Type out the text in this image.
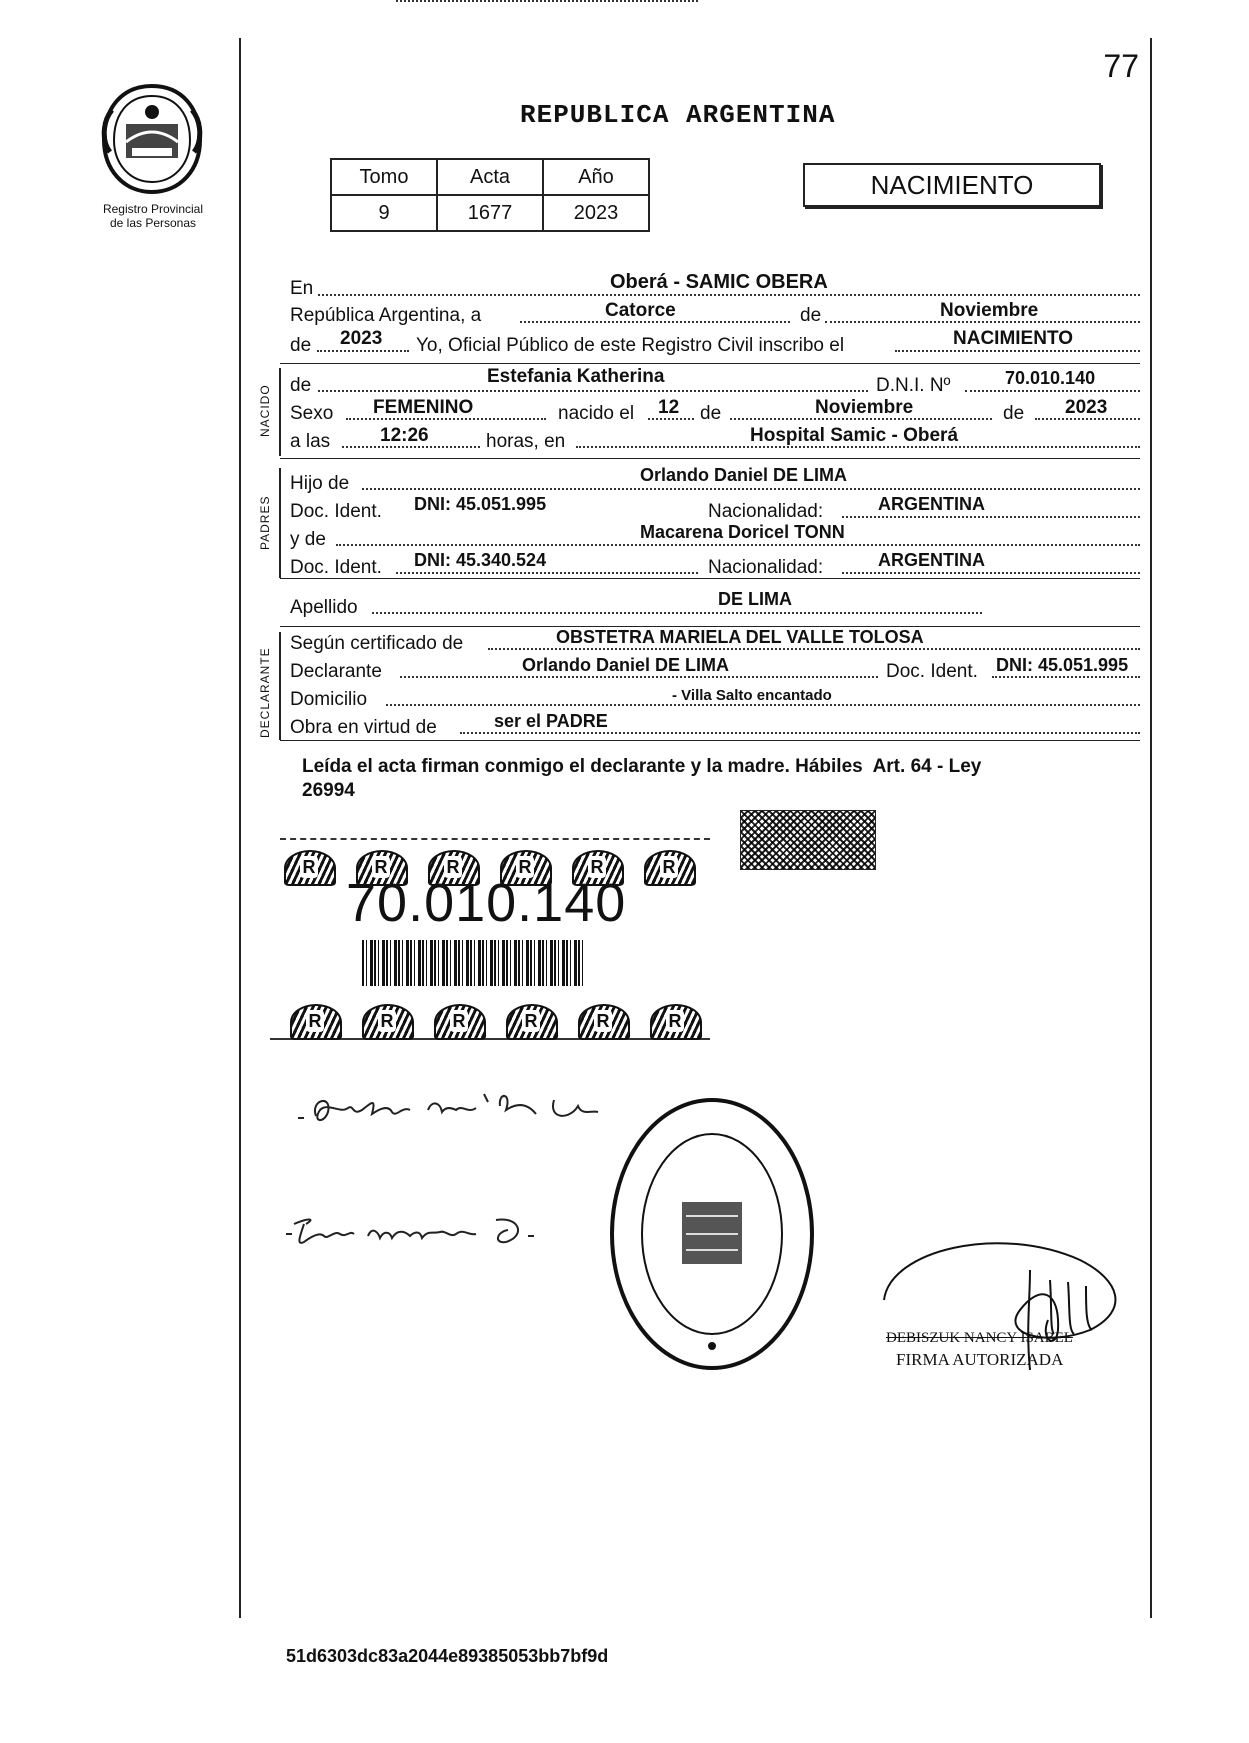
77
Registro Provincial
de las Personas
REPUBLICA ARGENTINA
Tomo	Acta	Año
9	1677	2023
NACIMIENTO
En	Oberá - SAMIC OBERA
República Argentina, a	Catorce	de	Noviembre
de 2023 Yo, Oficial Público de este Registro Civil inscribo el	NACIMIENTO
NACIDO de	Estefania Katherina	D.N.I. Nº	70.010.140
Sexo FEMENINO	nacido el 12 de	Noviembre	de 2023
a las	12:26	horas, en	Hospital Samic - Oberá
PADRES
Hijo de	Orlando Daniel DE LIMA
Doc. Ident. DNI: 45.051.995	Nacionalidad:	ARGENTINA
y de	Macarena Doricel TONN
Doc. Ident. DNI: 45.340.524	Nacionalidad:	ARGENTINA
Apellido	DE LIMA
DECLARANTE
Según certificado de	OBSTETRA MARIELA DEL VALLE TOLOSA
Declarante	Orlando Daniel DE LIMA	Doc. Ident. DNI: 45.051.995
Domicilio	- Villa Salto encantado
Obra en virtud de	ser el PADRE
Leída el acta firman conmigo el declarante y la madre. Hábiles  Art. 64 - Ley
26994
R	R	R	R	R	R
70.010.140
R	R	R	R	R	R
DEBISZUK NANCY ISABEL
FIRMA AUTORIZADA
51d6303dc83a2044e89385053bb7bf9d
